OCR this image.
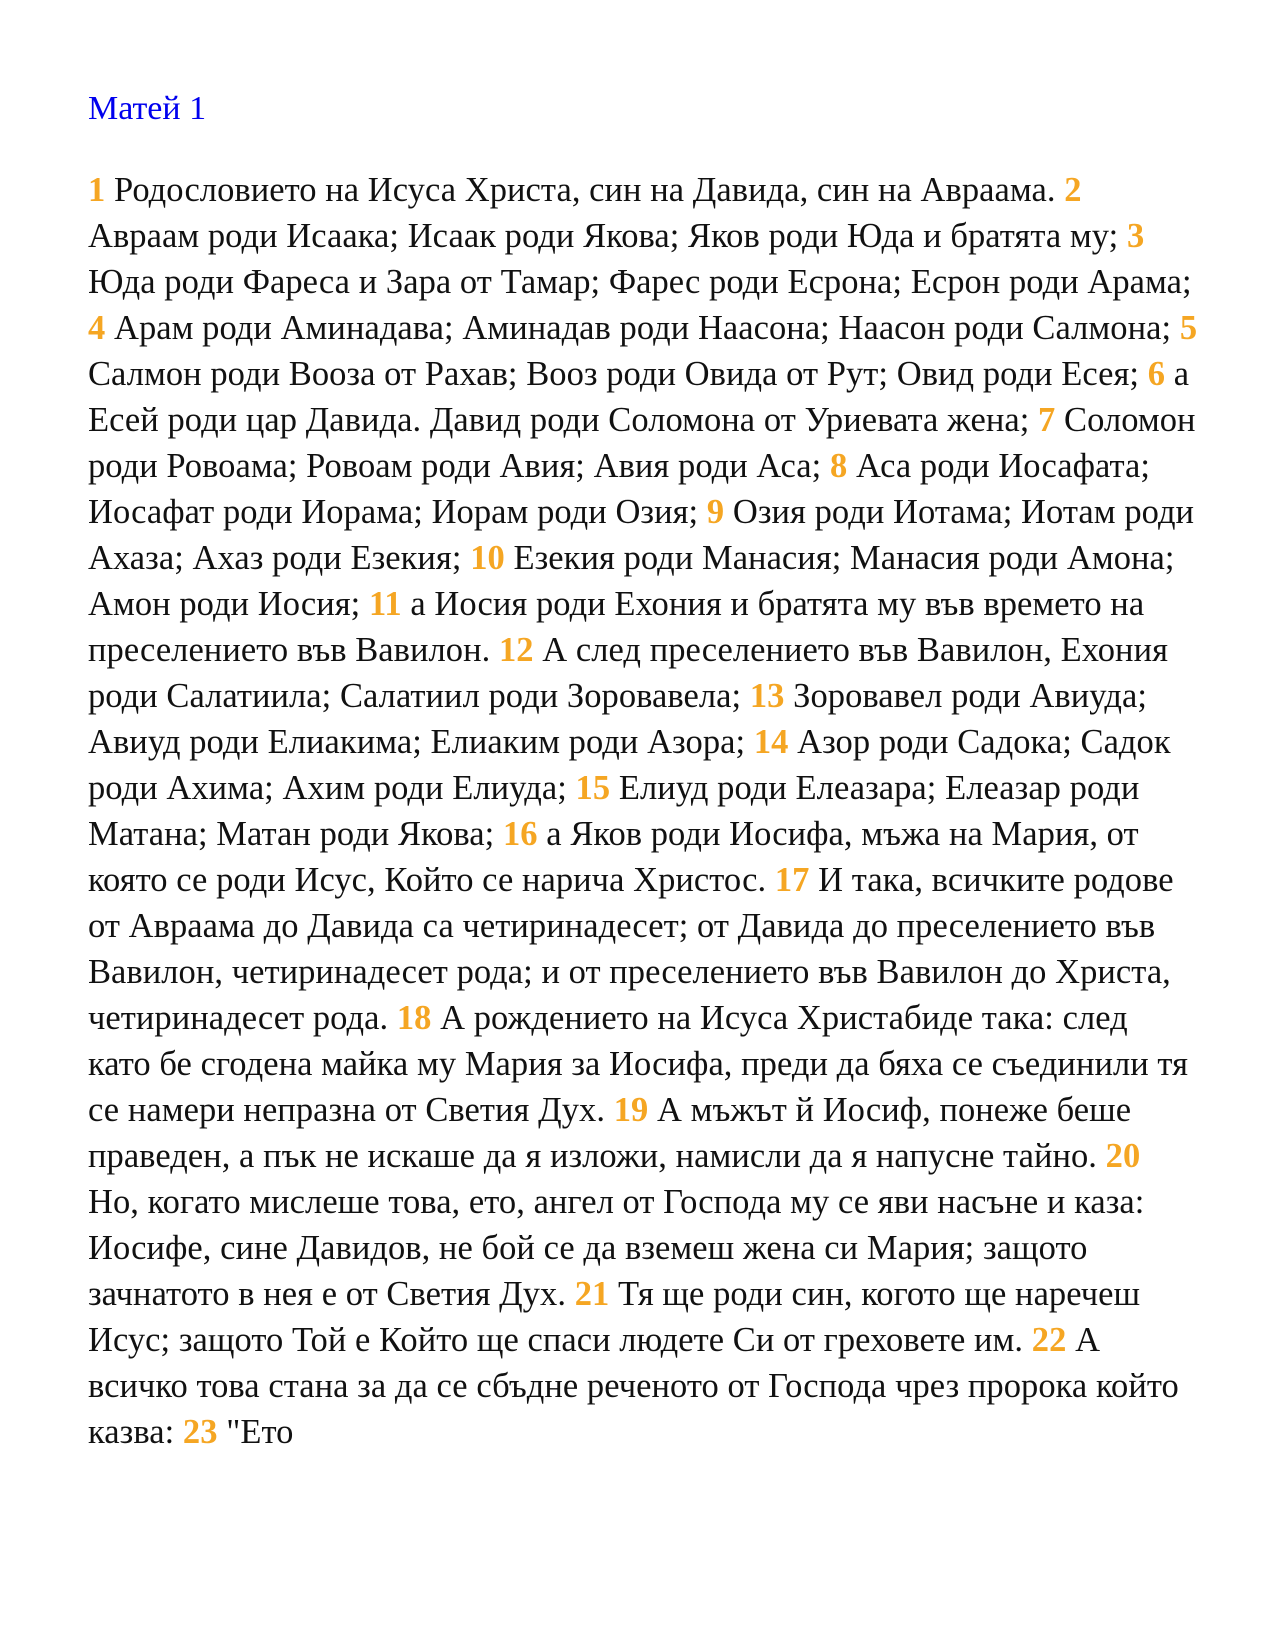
Матей 1

1 Родословието на Исуса Христа, син на Давида, син на Авраама. 2 Авраам роди Исаака; Исаак роди Якова; Яков роди Юда и братята му; 3 Юда роди Фареса и Зара от Тамар; Фарес роди Есрона; Есрон роди Арама; 4 Арам роди Аминадава; Аминадав роди Наасона; Наасон роди Салмона; 5 Салмон роди Вооза от Рахав; Вооз роди Овида от Рут; Овид роди Есея; 6 а Есей роди цар Давида. Давид роди Соломона от Уриевата жена; 7 Соломон роди Ровоама; Ровоам роди Авия; Авия роди Аса; 8 Аса роди Иосафата; Иосафат роди Иорама; Иорам роди Озия; 9 Озия роди Иотама; Иотам роди Ахаза; Ахаз роди Езекия; 10 Езекия роди Манасия; Манасия роди Амона; Амон роди Иосия; 11 а Иосия роди Ехония и братята му във времето на преселението във Вавилон. 12 А след преселението във Вавилон, Ехония роди Салатиила; Салатиил роди Зоровавела; 13 Зоровавел роди Авиуда; Авиуд роди Елиакима; Елиаким роди Азора; 14 Азор роди Садока; Садок роди Ахима; Ахим роди Елиуда; 15 Елиуд роди Елеазара; Елеазар роди Матана; Матан роди Якова; 16 а Яков роди Иосифа, мъжа на Мария, от която се роди Исус, Който се нарича Христос. 17 И така, всичките родове от Авраама до Давида са четиринадесет; от Давида до преселението във Вавилон, четиринадесет рода; и от преселението във Вавилон до Христа, четиринадесет рода. 18 А рождението на Исуса Христабиде така: след като бе сгодена майка му Мария за Иосифа, преди да бяха се съединили тя се намери непразна от Светия Дух. 19 А мъжът й Иосиф, понеже беше праведен, а пък не искаше да я изложи, намисли да я напусне тайно. 20 Но, когато мислеше това, ето, ангел от Господа му се яви насъне и каза: Иосифе, сине Давидов, не бой се да вземеш жена си Мария; защото зачнатото в нея е от Светия Дух. 21 Тя ще роди син, когото ще наречеш Исус; защото Той е Който ще спаси людете Си от греховете им. 22 А всичко това стана за да се сбъдне реченото от Господа чрез пророка който казва: 23 "Ето
